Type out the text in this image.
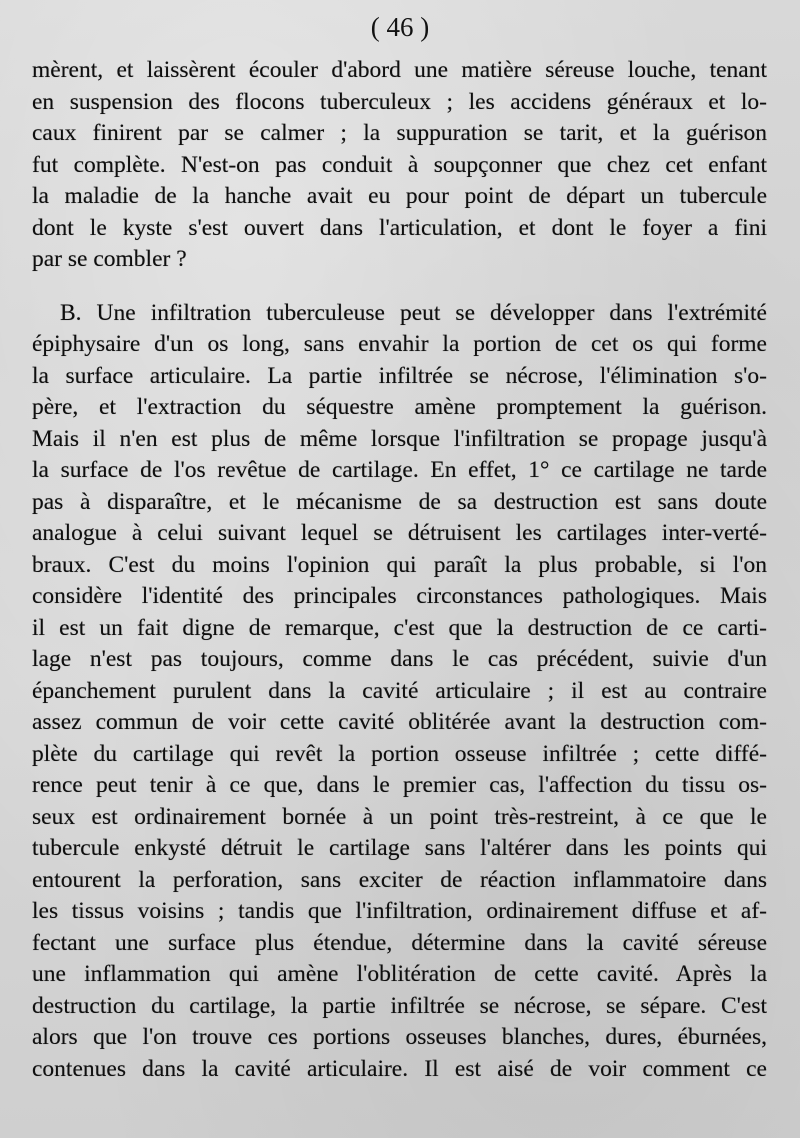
( 46 )
mèrent, et laissèrent écouler d'abord une matière séreuse louche, tenant
en suspension des flocons tuberculeux ; les accidens généraux et lo-
caux finirent par se calmer ; la suppuration se tarit, et la guérison
fut complète. N'est-on pas conduit à soupçonner que chez cet enfant
la maladie de la hanche avait eu pour point de départ un tubercule
dont le kyste s'est ouvert dans l'articulation, et dont le foyer a fini
par se combler ?
B. Une infiltration tuberculeuse peut se développer dans l'extrémité
épiphysaire d'un os long, sans envahir la portion de cet os qui forme
la surface articulaire. La partie infiltrée se nécrose, l'élimination s'o-
père, et l'extraction du séquestre amène promptement la guérison.
Mais il n'en est plus de même lorsque l'infiltration se propage jusqu'à
la surface de l'os revêtue de cartilage. En effet, 1° ce cartilage ne tarde
pas à disparaître, et le mécanisme de sa destruction est sans doute
analogue à celui suivant lequel se détruisent les cartilages inter-verté-
braux. C'est du moins l'opinion qui paraît la plus probable, si l'on
considère l'identité des principales circonstances pathologiques. Mais
il est un fait digne de remarque, c'est que la destruction de ce carti-
lage n'est pas toujours, comme dans le cas précédent, suivie d'un
épanchement purulent dans la cavité articulaire ; il est au contraire
assez commun de voir cette cavité oblitérée avant la destruction com-
plète du cartilage qui revêt la portion osseuse infiltrée ; cette diffé-
rence peut tenir à ce que, dans le premier cas, l'affection du tissu os-
seux est ordinairement bornée à un point très-restreint, à ce que le
tubercule enkysté détruit le cartilage sans l'altérer dans les points qui
entourent la perforation, sans exciter de réaction inflammatoire dans
les tissus voisins ; tandis que l'infiltration, ordinairement diffuse et af-
fectant une surface plus étendue, détermine dans la cavité séreuse
une inflammation qui amène l'oblitération de cette cavité. Après la
destruction du cartilage, la partie infiltrée se nécrose, se sépare. C'est
alors que l'on trouve ces portions osseuses blanches, dures, éburnées,
contenues dans la cavité articulaire. Il est aisé de voir comment ce
